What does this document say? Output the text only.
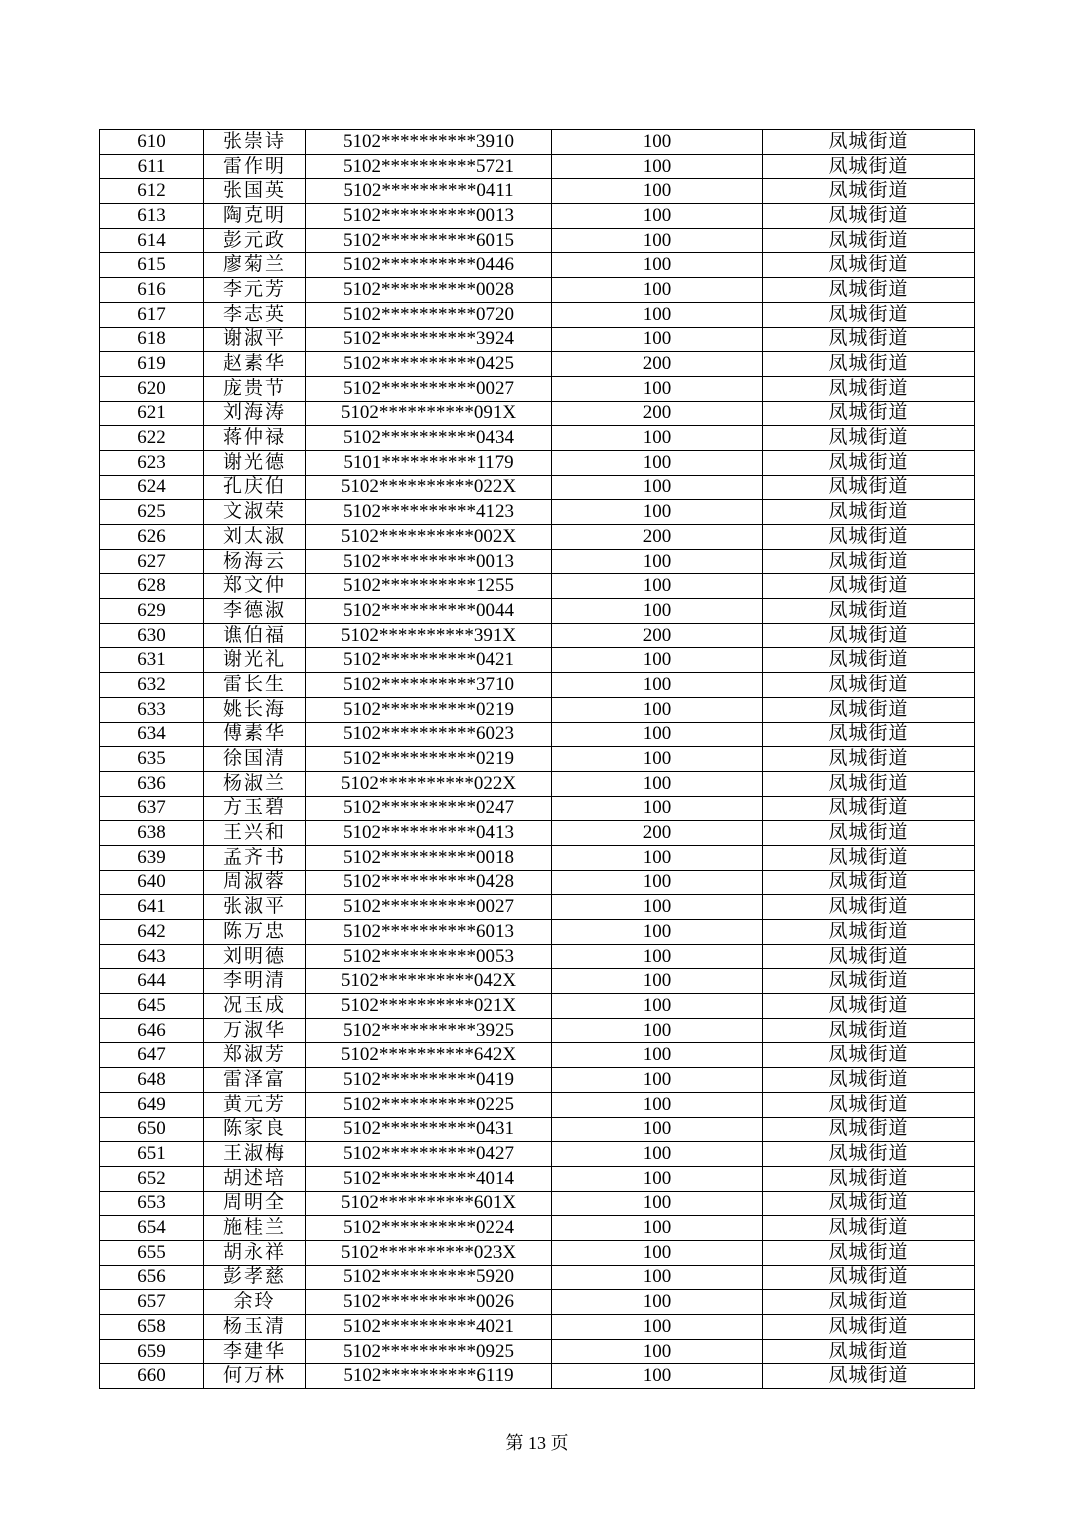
610	张崇诗	5102**********3910	100	凤城街道
611	雷作明	5102**********5721	100	凤城街道
612	张国英	5102**********0411	100	凤城街道
613	陶克明	5102**********0013	100	凤城街道
614	彭元政	5102**********6015	100	凤城街道
615	廖菊兰	5102**********0446	100	凤城街道
616	李元芳	5102**********0028	100	凤城街道
617	李志英	5102**********0720	100	凤城街道
618	谢淑平	5102**********3924	100	凤城街道
619	赵素华	5102**********0425	200	凤城街道
620	庞贵节	5102**********0027	100	凤城街道
621	刘海涛	5102**********091X	200	凤城街道
622	蒋仲禄	5102**********0434	100	凤城街道
623	谢光德	5101**********1179	100	凤城街道
624	孔庆伯	5102**********022X	100	凤城街道
625	文淑荣	5102**********4123	100	凤城街道
626	刘太淑	5102**********002X	200	凤城街道
627	杨海云	5102**********0013	100	凤城街道
628	郑文仲	5102**********1255	100	凤城街道
629	李德淑	5102**********0044	100	凤城街道
630	谯伯福	5102**********391X	200	凤城街道
631	谢光礼	5102**********0421	100	凤城街道
632	雷长生	5102**********3710	100	凤城街道
633	姚长海	5102**********0219	100	凤城街道
634	傅素华	5102**********6023	100	凤城街道
635	徐国清	5102**********0219	100	凤城街道
636	杨淑兰	5102**********022X	100	凤城街道
637	方玉碧	5102**********0247	100	凤城街道
638	王兴和	5102**********0413	200	凤城街道
639	孟齐书	5102**********0018	100	凤城街道
640	周淑蓉	5102**********0428	100	凤城街道
641	张淑平	5102**********0027	100	凤城街道
642	陈万忠	5102**********6013	100	凤城街道
643	刘明德	5102**********0053	100	凤城街道
644	李明清	5102**********042X	100	凤城街道
645	况玉成	5102**********021X	100	凤城街道
646	万淑华	5102**********3925	100	凤城街道
647	郑淑芳	5102**********642X	100	凤城街道
648	雷泽富	5102**********0419	100	凤城街道
649	黄元芳	5102**********0225	100	凤城街道
650	陈家良	5102**********0431	100	凤城街道
651	王淑梅	5102**********0427	100	凤城街道
652	胡述培	5102**********4014	100	凤城街道
653	周明全	5102**********601X	100	凤城街道
654	施桂兰	5102**********0224	100	凤城街道
655	胡永祥	5102**********023X	100	凤城街道
656	彭孝慈	5102**********5920	100	凤城街道
657	余玲	5102**********0026	100	凤城街道
658	杨玉清	5102**********4021	100	凤城街道
659	李建华	5102**********0925	100	凤城街道
660	何万林	5102**********6119	100	凤城街道
第 13 页
